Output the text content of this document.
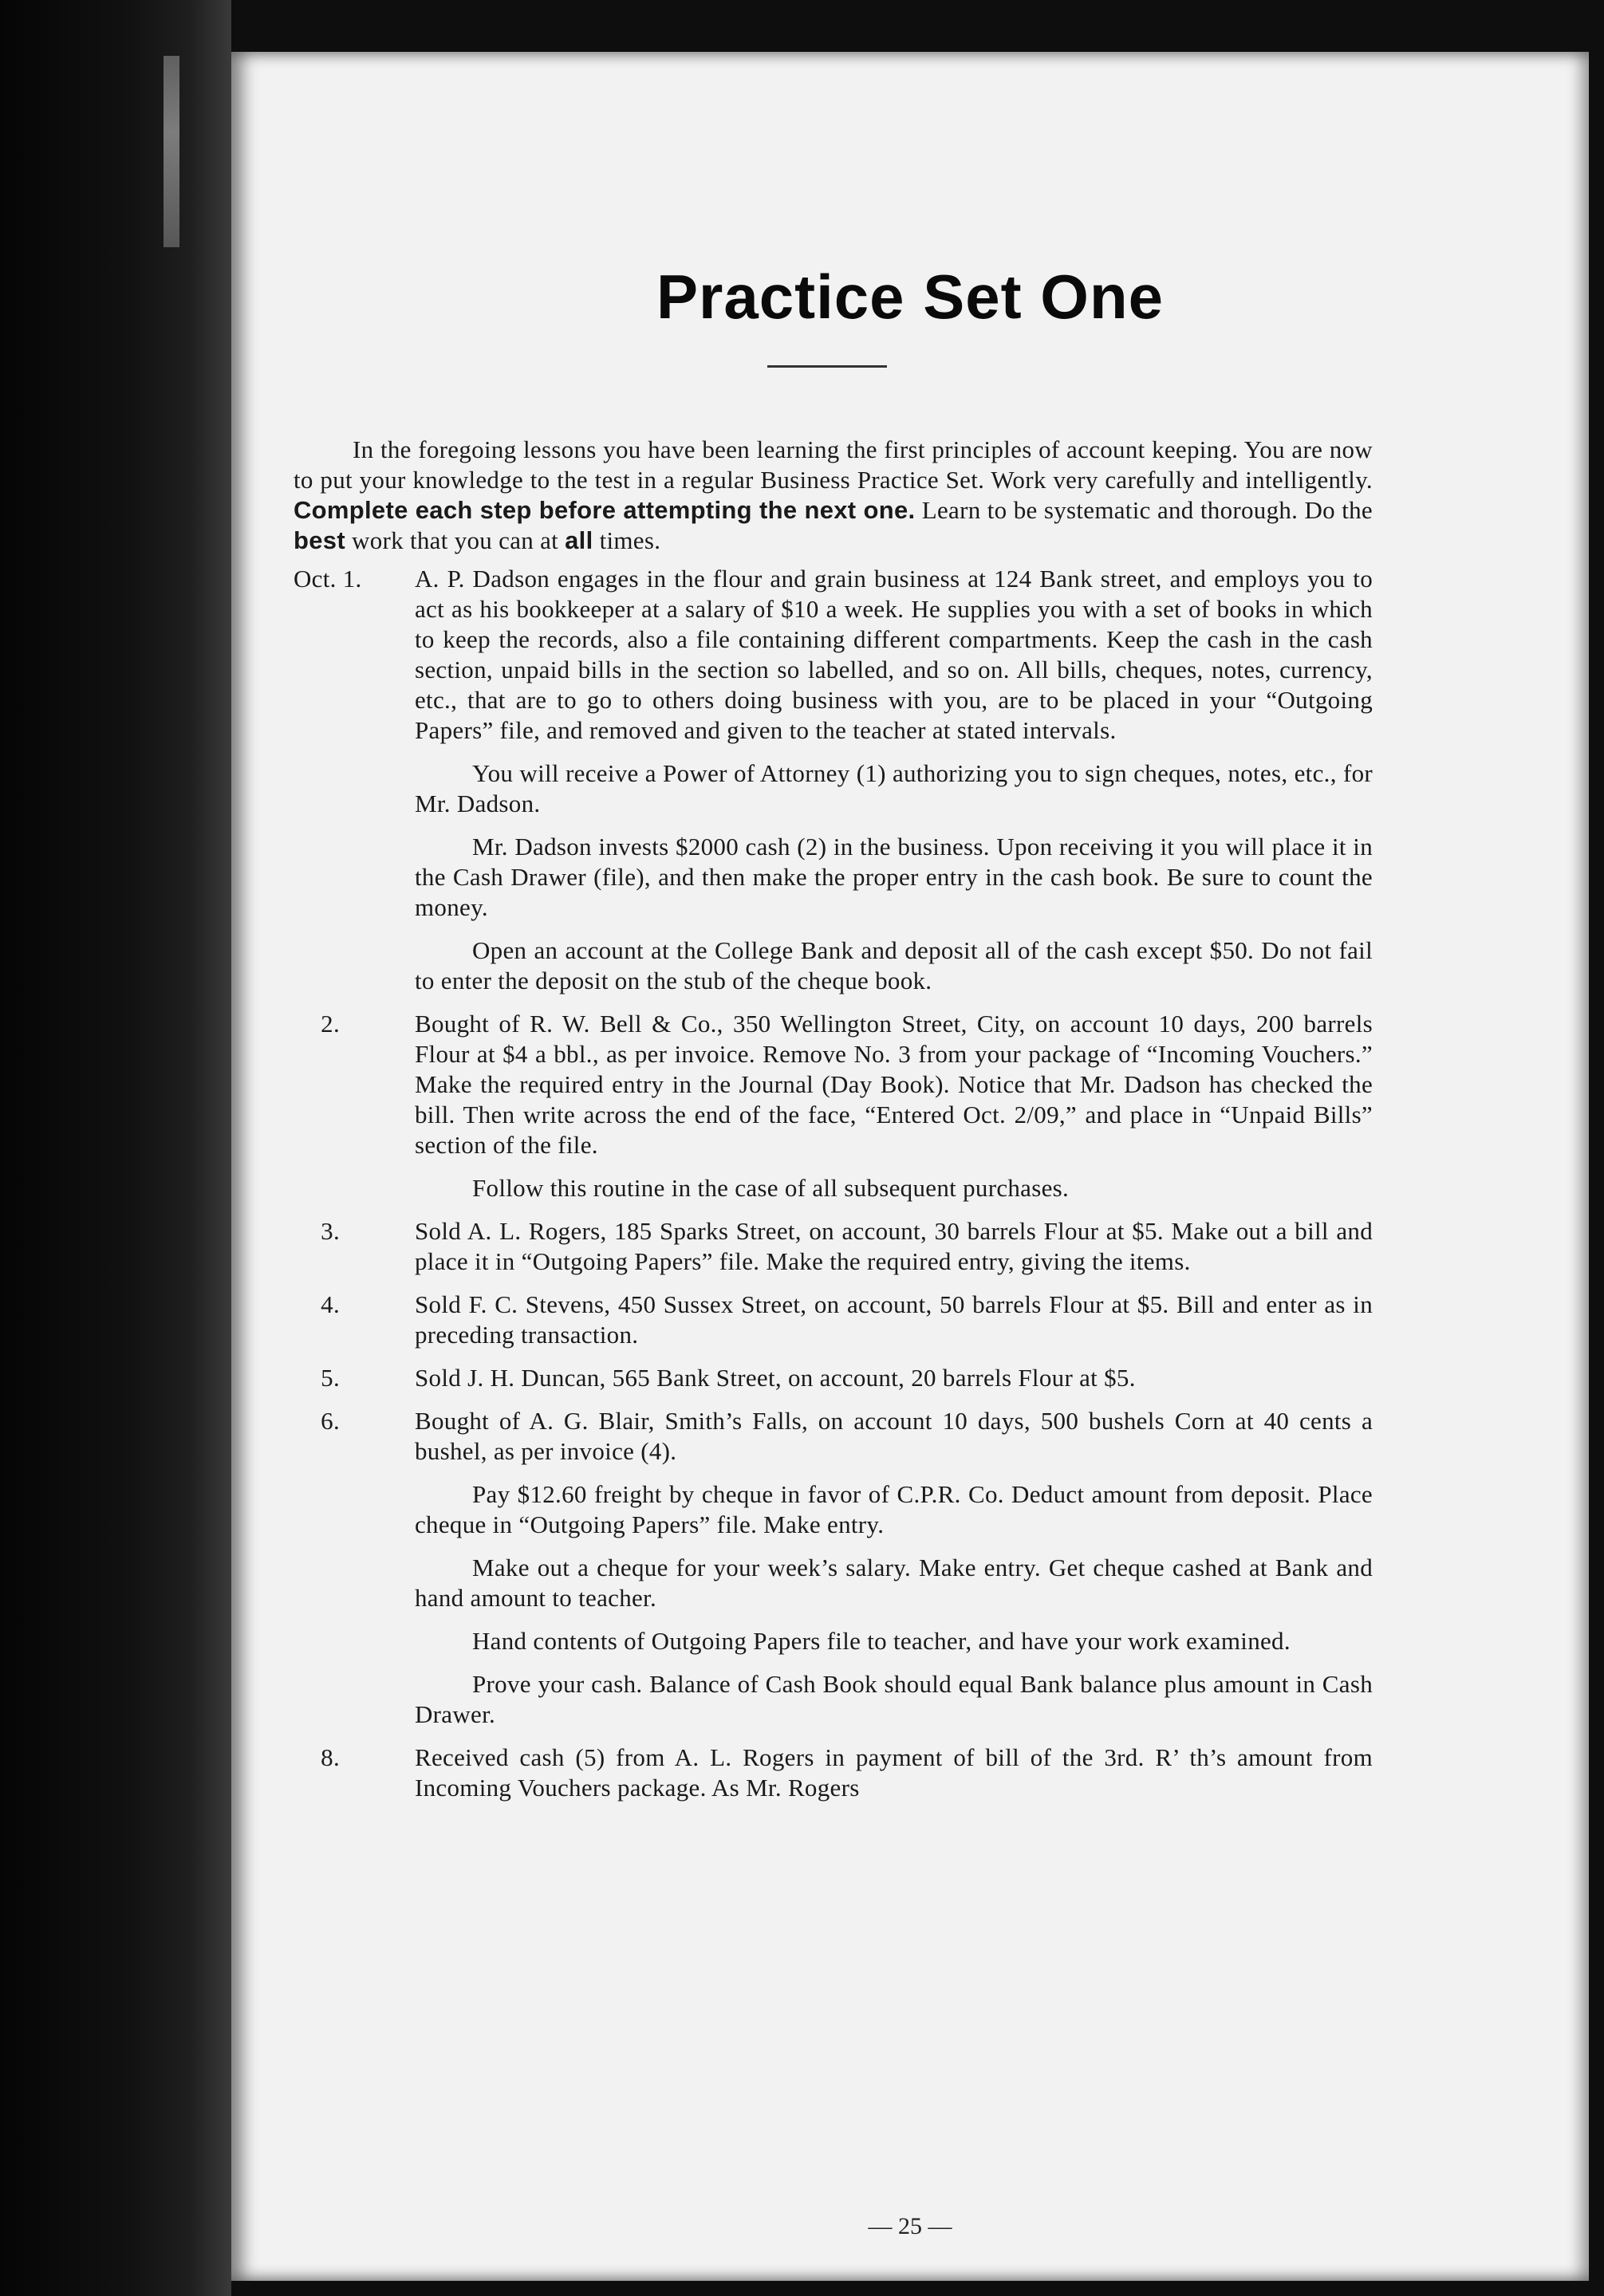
Practice Set One

In the foregoing lessons you have been learning the first principles of account keeping. You are now to put your knowledge to the test in a regular Business Practice Set. Work very carefully and intelligently. Complete each step before attempting the next one. Learn to be systematic and thorough. Do the best work that you can at all times.

Oct. 1.	A. P. Dadson engages in the flour and grain business at 124 Bank street, and employs you to act as his bookkeeper at a salary of $10 a week. He supplies you with a set of books in which to keep the records, also a file containing different compartments. Keep the cash in the cash section, unpaid bills in the section so labelled, and so on. All bills, cheques, notes, currency, etc., that are to go to others doing business with you, are to be placed in your “Outgoing Papers” file, and removed and given to the teacher at stated intervals.

You will receive a Power of Attorney (1) authorizing you to sign cheques, notes, etc., for Mr. Dadson.

Mr. Dadson invests $2000 cash (2) in the business. Upon receiving it you will place it in the Cash Drawer (file), and then make the proper entry in the cash book. Be sure to count the money.

Open an account at the College Bank and deposit all of the cash except $50. Do not fail to enter the deposit on the stub of the cheque book.

2.	Bought of R. W. Bell & Co., 350 Wellington Street, City, on account 10 days, 200 barrels Flour at $4 a bbl., as per invoice. Remove No. 3 from your package of “Incoming Vouchers.” Make the required entry in the Journal (Day Book). Notice that Mr. Dadson has checked the bill. Then write across the end of the face, “Entered Oct. 2/09,” and place in “Unpaid Bills” section of the file.

Follow this routine in the case of all subsequent purchases.

3.	Sold A. L. Rogers, 185 Sparks Street, on account, 30 barrels Flour at $5. Make out a bill and place it in “Outgoing Papers” file. Make the required entry, giving the items.

4.	Sold F. C. Stevens, 450 Sussex Street, on account, 50 barrels Flour at $5. Bill and enter as in preceding transaction.

5.	Sold J. H. Duncan, 565 Bank Street, on account, 20 barrels Flour at $5.

6.	Bought of A. G. Blair, Smith’s Falls, on account 10 days, 500 bushels Corn at 40 cents a bushel, as per invoice (4).

Pay $12.60 freight by cheque in favor of C.P.R. Co. Deduct amount from deposit. Place cheque in “Outgoing Papers” file. Make entry.

Make out a cheque for your week’s salary. Make entry. Get cheque cashed at Bank and hand amount to teacher.

Hand contents of Outgoing Papers file to teacher, and have your work examined.

Prove your cash. Balance of Cash Book should equal Bank balance plus amount in Cash Drawer.

8.	Received cash (5) from A. L. Rogers in payment of bill of the 3rd. R’ th’s amount from Incoming Vouchers package. As Mr. Rogers

— 25 —
